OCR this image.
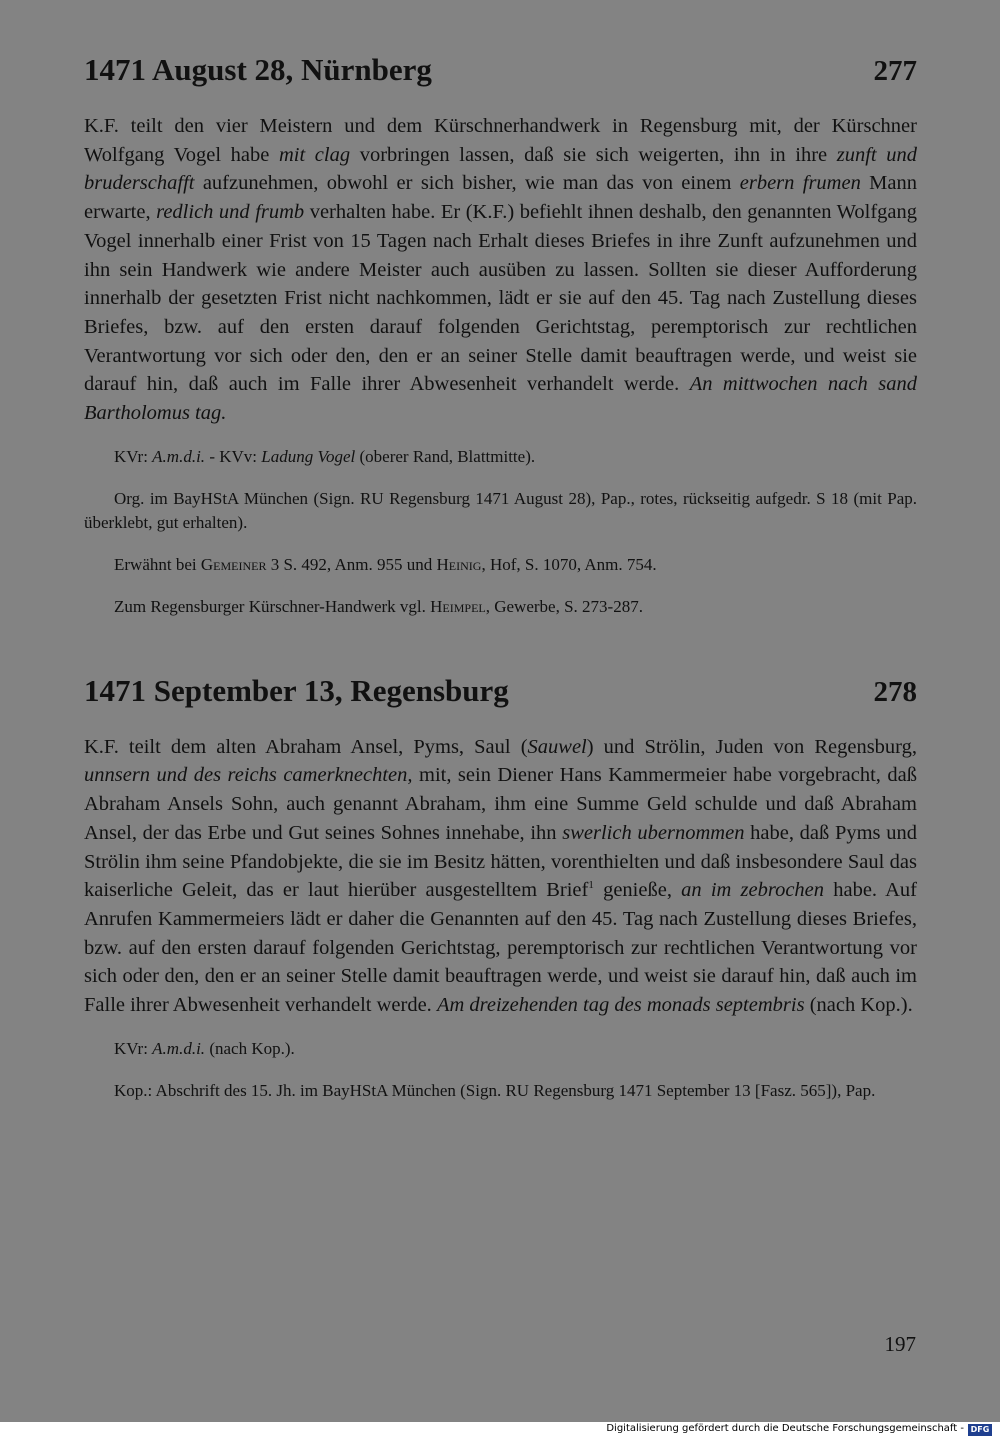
1471 August 28, Nürnberg	277
K.F. teilt den vier Meistern und dem Kürschnerhandwerk in Regensburg mit, der Kürschner Wolfgang Vogel habe mit clag vorbringen lassen, daß sie sich weigerten, ihn in ihre zunft und bruderschafft aufzunehmen, obwohl er sich bisher, wie man das von einem erbern frumen Mann erwarte, redlich und frumb verhalten habe. Er (K.F.) befiehlt ihnen deshalb, den genannten Wolfgang Vogel innerhalb einer Frist von 15 Tagen nach Erhalt dieses Briefes in ihre Zunft aufzunehmen und ihn sein Handwerk wie andere Meister auch ausüben zu lassen. Sollten sie dieser Aufforderung innerhalb der gesetzten Frist nicht nachkommen, lädt er sie auf den 45. Tag nach Zustellung dieses Briefes, bzw. auf den ersten darauf folgenden Gerichtstag, peremptorisch zur rechtlichen Verantwortung vor sich oder den, den er an seiner Stelle damit beauftragen werde, und weist sie darauf hin, daß auch im Falle ihrer Abwesenheit verhandelt werde. An mittwochen nach sand Bartholomus tag.
KVr: A.m.d.i. - KVv: Ladung Vogel (oberer Rand, Blattmitte).
Org. im BayHStA München (Sign. RU Regensburg 1471 August 28), Pap., rotes, rückseitig aufgedr. S 18 (mit Pap. überklebt, gut erhalten).
Erwähnt bei Gemeiner 3 S. 492, Anm. 955 und Heinig, Hof, S. 1070, Anm. 754.
Zum Regensburger Kürschner-Handwerk vgl. Heimpel, Gewerbe, S. 273-287.
1471 September 13, Regensburg	278
K.F. teilt dem alten Abraham Ansel, Pyms, Saul (Sauwel) und Strölin, Juden von Regensburg, unnsern und des reichs camerknechten, mit, sein Diener Hans Kammermeier habe vorgebracht, daß Abraham Ansels Sohn, auch genannt Abraham, ihm eine Summe Geld schulde und daß Abraham Ansel, der das Erbe und Gut seines Sohnes innehabe, ihn swerlich ubernommen habe, daß Pyms und Strölin ihm seine Pfandobjekte, die sie im Besitz hätten, vorenthielten und daß insbesondere Saul das kaiserliche Geleit, das er laut hierüber ausgestelltem Brief$^1$ genieße, an im zebrochen habe. Auf Anrufen Kammermeiers lädt er daher die Genannten auf den 45. Tag nach Zustellung dieses Briefes, bzw. auf den ersten darauf folgenden Gerichtstag, peremptorisch zur rechtlichen Verantwortung vor sich oder den, den er an seiner Stelle damit beauftragen werde, und weist sie darauf hin, daß auch im Falle ihrer Abwesenheit verhandelt werde. Am dreizehenden tag des monads septembris (nach Kop.).
KVr: A.m.d.i. (nach Kop.).
Kop.: Abschrift des 15. Jh. im BayHStA München (Sign. RU Regensburg 1471 September 13 [Fasz. 565]), Pap.
197
Digitalisierung gefördert durch die Deutsche Forschungsgemeinschaft - DFG
